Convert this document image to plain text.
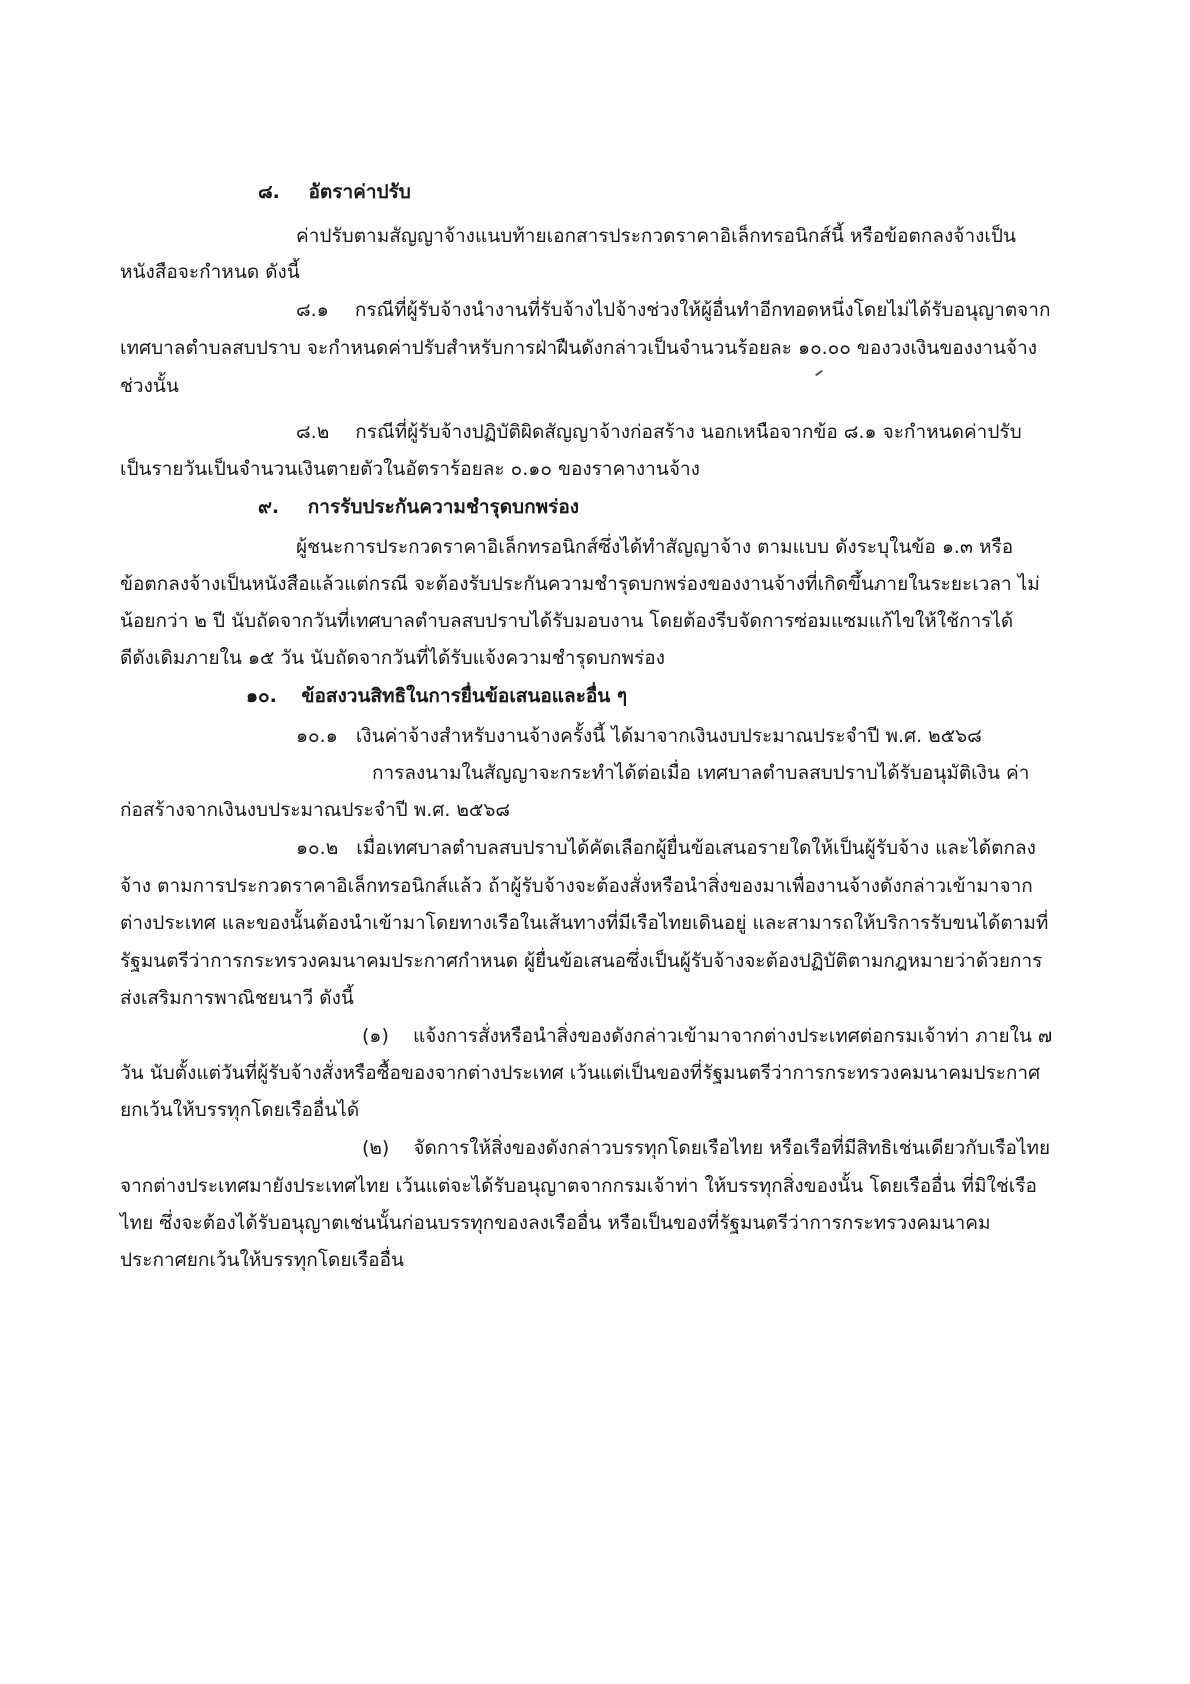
๘. อัตราค่าปรับ
ค่าปรับตามสัญญาจ้างแนบท้ายเอกสารประกวดราคาอิเล็กทรอนิกส์นี้ หรือข้อตกลงจ้างเป็น
หนังสือจะกำหนด ดังนี้
๘.๑ กรณีที่ผู้รับจ้างนำงานที่รับจ้างไปจ้างช่วงให้ผู้อื่นทำอีกทอดหนึ่งโดยไม่ได้รับอนุญาตจาก
เทศบาลตำบลสบปราบ จะกำหนดค่าปรับสำหรับการฝ่าฝืนดังกล่าวเป็นจำนวนร้อยละ ๑๐.๐๐ ของวงเงินของงานจ้าง
ช่วงนั้น
๘.๒ กรณีที่ผู้รับจ้างปฏิบัติผิดสัญญาจ้างก่อสร้าง นอกเหนือจากข้อ ๘.๑ จะกำหนดค่าปรับ
เป็นรายวันเป็นจำนวนเงินตายตัวในอัตราร้อยละ ๐.๑๐ ของราคางานจ้าง
๙. การรับประกันความชำรุดบกพร่อง
ผู้ชนะการประกวดราคาอิเล็กทรอนิกส์ซึ่งได้ทำสัญญาจ้าง ตามแบบ ดังระบุในข้อ ๑.๓ หรือ
ข้อตกลงจ้างเป็นหนังสือแล้วแต่กรณี จะต้องรับประกันความชำรุดบกพร่องของงานจ้างที่เกิดขึ้นภายในระยะเวลา ไม่
น้อยกว่า ๒ ปี นับถัดจากวันที่เทศบาลตำบลสบปราบได้รับมอบงาน โดยต้องรีบจัดการซ่อมแซมแก้ไขให้ใช้การได้
ดีดังเดิมภายใน ๑๕ วัน นับถัดจากวันที่ได้รับแจ้งความชำรุดบกพร่อง
๑๐. ข้อสงวนสิทธิในการยื่นข้อเสนอและอื่น ๆ
๑๐.๑ เงินค่าจ้างสำหรับงานจ้างครั้งนี้ ได้มาจากเงินงบประมาณประจำปี พ.ศ. ๒๕๖๘
การลงนามในสัญญาจะกระทำได้ต่อเมื่อ เทศบาลตำบลสบปราบได้รับอนุมัติเงิน ค่า
ก่อสร้างจากเงินงบประมาณประจำปี พ.ศ. ๒๕๖๘
๑๐.๒ เมื่อเทศบาลตำบลสบปราบได้คัดเลือกผู้ยื่นข้อเสนอรายใดให้เป็นผู้รับจ้าง และได้ตกลง
จ้าง ตามการประกวดราคาอิเล็กทรอนิกส์แล้ว ถ้าผู้รับจ้างจะต้องสั่งหรือนำสิ่งของมาเพื่องานจ้างดังกล่าวเข้ามาจาก
ต่างประเทศ และของนั้นต้องนำเข้ามาโดยทางเรือในเส้นทางที่มีเรือไทยเดินอยู่ และสามารถให้บริการรับขนได้ตามที่
รัฐมนตรีว่าการกระทรวงคมนาคมประกาศกำหนด ผู้ยื่นข้อเสนอซึ่งเป็นผู้รับจ้างจะต้องปฏิบัติตามกฎหมายว่าด้วยการ
ส่งเสริมการพาณิชยนาวี ดังนี้
(๑) แจ้งการสั่งหรือนำสิ่งของดังกล่าวเข้ามาจากต่างประเทศต่อกรมเจ้าท่า ภายใน ๗
วัน นับตั้งแต่วันที่ผู้รับจ้างสั่งหรือซื้อของจากต่างประเทศ เว้นแต่เป็นของที่รัฐมนตรีว่าการกระทรวงคมนาคมประกาศ
ยกเว้นให้บรรทุกโดยเรืออื่นได้
(๒) จัดการให้สิ่งของดังกล่าวบรรทุกโดยเรือไทย หรือเรือที่มีสิทธิเช่นเดียวกับเรือไทย
จากต่างประเทศมายังประเทศไทย เว้นแต่จะได้รับอนุญาตจากกรมเจ้าท่า ให้บรรทุกสิ่งของนั้น โดยเรืออื่น ที่มิใช่เรือ
ไทย ซึ่งจะต้องได้รับอนุญาตเช่นนั้นก่อนบรรทุกของลงเรืออื่น หรือเป็นของที่รัฐมนตรีว่าการกระทรวงคมนาคม
ประกาศยกเว้นให้บรรทุกโดยเรืออื่น
